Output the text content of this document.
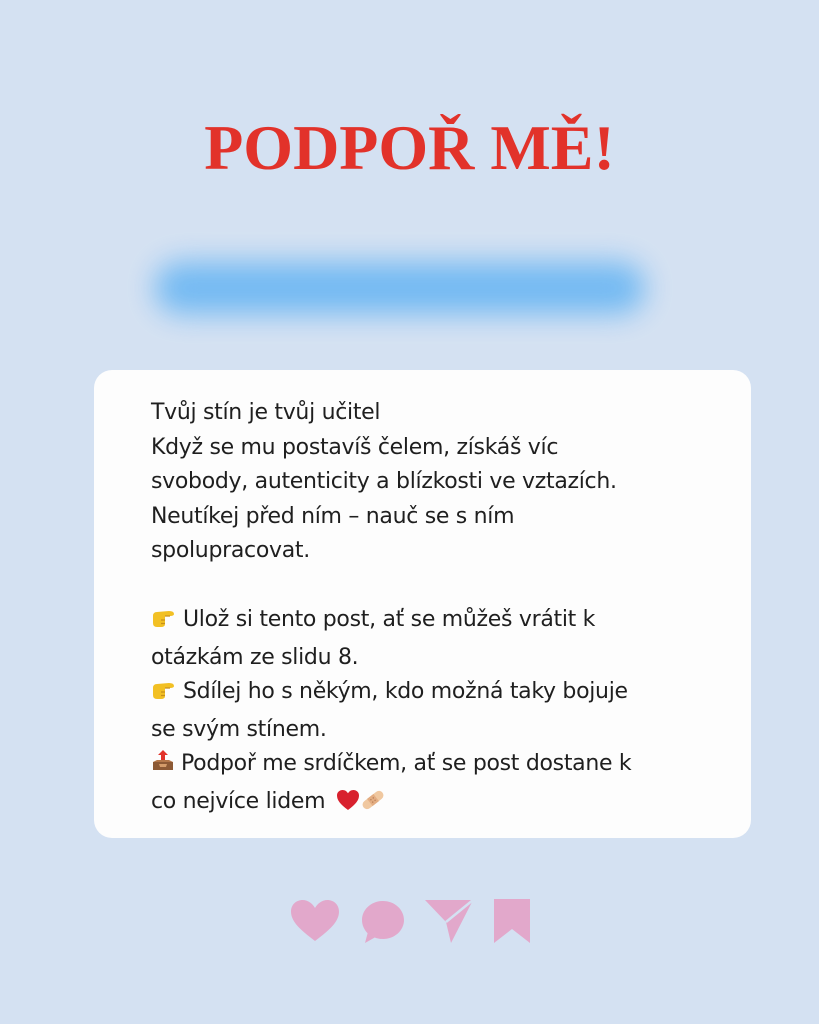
PODPOŘ MĚ!
Tvůj stín je tvůj učitel
Když se mu postavíš čelem, získáš víc
svobody, autenticity a blízkosti ve vztazích.
Neutíkej před ním – nauč se s ním
spolupracovat.
Ulož si tento post, ať se můžeš vrátit k
otázkám ze slidu 8.
Sdílej ho s někým, kdo možná taky bojuje
se svým stínem.
Podpoř me srdíčkem, ať se post dostane k
co nejvíce lidem
